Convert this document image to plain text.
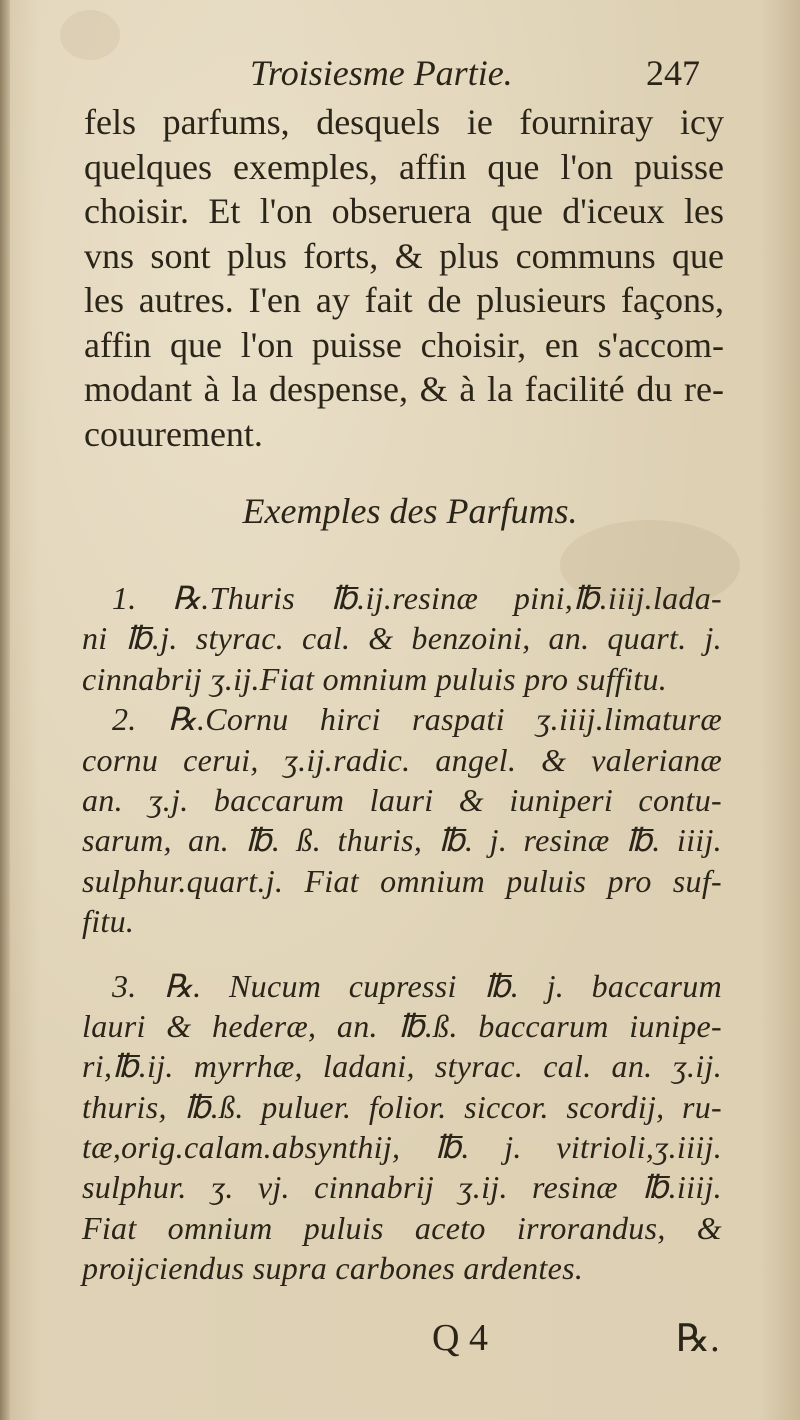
Troisiesme Partie.	247
fels parfums, desquels ie fourniray icy
quelques exemples, affin que l'on puisse
choisir. Et l'on obseruera que d'iceux les
vns sont plus forts, & plus communs que
les autres. I'en ay fait de plusieurs façons,
affin que l'on puisse choisir, en s'accom-
modant à la despense, & à la facilité du re-
couurement.
Exemples des Parfums.
1. ℞.Thuris ℔.ij.resinæ pini,℔.iiij.lada-
ni ℔.j. styrac. cal. & benzoini, an. quart. j.
cinnabrij ʒ.ij.Fiat omnium puluis pro suffitu.
2. ℞.Cornu hirci raspati ʒ.iiij.limaturæ
cornu cerui, ʒ.ij.radic. angel. & valerianæ
an. ʒ.j. baccarum lauri & iuniperi contu-
sarum, an. ℔. ß. thuris, ℔. j. resinæ ℔. iiij.
sulphur.quart.j. Fiat omnium puluis pro suf-
fitu.
3. ℞. Nucum cupressi ℔. j. baccarum
lauri & hederæ, an. ℔.ß. baccarum iunipe-
ri,℔.ij. myrrhæ, ladani, styrac. cal. an. ʒ.ij.
thuris, ℔.ß. puluer. folior. siccor. scordij, ru-
tæ,orig.calam.absynthij, ℔. j. vitrioli,ʒ.iiij.
sulphur. ʒ. vj. cinnabrij ʒ.ij. resinæ ℔.iiij.
Fiat omnium puluis aceto irrorandus, &
proijciendus supra carbones ardentes.
Q 4	℞.
